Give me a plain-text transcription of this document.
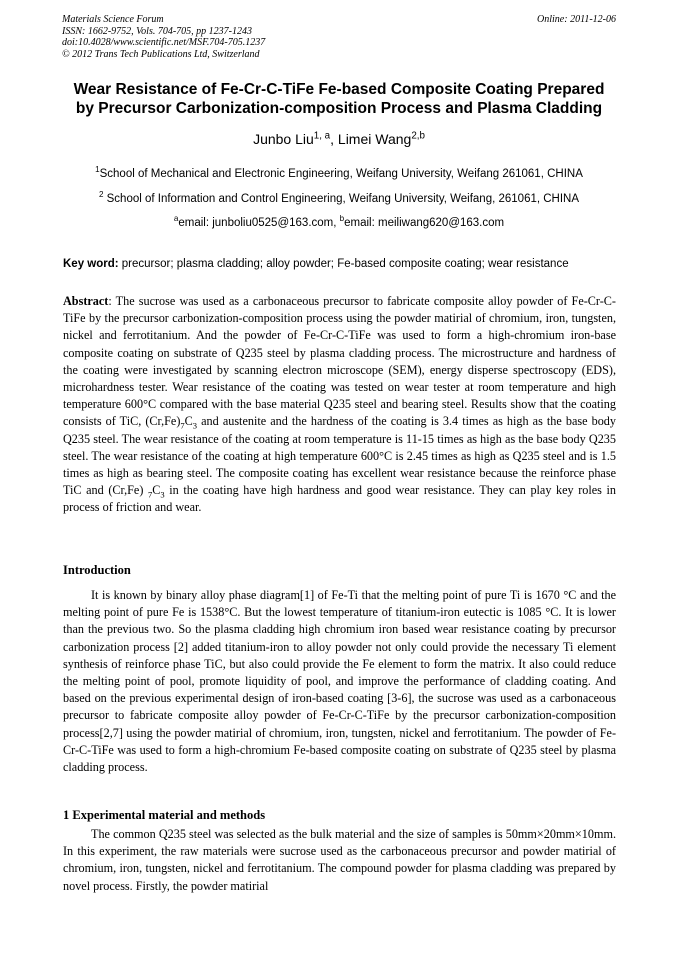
Materials Science Forum
ISSN: 1662-9752, Vols. 704-705, pp 1237-1243
doi:10.4028/www.scientific.net/MSF.704-705.1237
© 2012 Trans Tech Publications Ltd, Switzerland
Online: 2011-12-06
Wear Resistance of Fe-Cr-C-TiFe Fe-based Composite Coating Prepared
by Precursor Carbonization-composition Process and Plasma Cladding
Junbo Liu$^{1, a}$, Limei Wang$^{2,b}$
$^1$School of Mechanical and Electronic Engineering, Weifang University, Weifang 261061, CHINA
$^2$ School of Information and Control Engineering, Weifang University, Weifang, 261061, CHINA
$^a$email: junboliu0525@163.com, $^b$email: meiliwang620@163.com
Key word: precursor; plasma cladding; alloy powder; Fe-based composite coating; wear resistance

Abstract: The sucrose was used as a carbonaceous precursor to fabricate composite alloy powder of Fe-Cr-C-TiFe by the precursor carbonization-composition process using the powder matirial of chromium, iron, tungsten, nickel and ferrotitanium. And the powder of Fe-Cr-C-TiFe was used to form a high-chromium iron-base composite coating on substrate of Q235 steel by plasma cladding process. The microstructure and hardness of the coating were investigated by scanning electron microscope (SEM), energy disperse spectroscopy (EDS), microhardness tester. Wear resistance of the coating was tested on wear tester at room temperature and high temperature 600°C compared with the base material Q235 steel and bearing steel. Results show that the coating consists of TiC, $(Cr,Fe)_7C_3$ and austenite and the hardness of the coating is 3.4 times as high as the base body Q235 steel. The wear resistance of the coating at room temperature is 11-15 times as high as the base body Q235 steel. The wear resistance of the coating at high temperature 600°C is 2.45 times as high as Q235 steel and is 1.5 times as high as bearing steel. The composite coating has excellent wear resistance because the reinforce phase TiC and (Cr,Fe) $_7C_3$ in the coating have high hardness and good wear resistance. They can play key roles in process of friction and wear.

Introduction

It is known by binary alloy phase diagram[1] of Fe-Ti that the melting point of pure Ti is 1670 °C and the melting point of pure Fe is 1538°C. But the lowest temperature of titanium-iron eutectic is 1085 °C. It is lower than the previous two. So the plasma cladding high chromium iron based wear resistance coating by precursor carbonization process [2] added titanium-iron to alloy powder not only could provide the necessary Ti element synthesis of reinforce phase TiC, but also could provide the Fe element to form the matrix. It also could reduce the melting point of pool, promote liquidity of pool, and improve the performance of cladding coating. And based on the previous experimental design of iron-based coating [3-6], the sucrose was used as a carbonaceous precursor to fabricate composite alloy powder of Fe-Cr-C-TiFe by the precursor carbonization-composition process[2,7] using the powder matirial of chromium, iron, tungsten, nickel and ferrotitanium. The powder of Fe-Cr-C-TiFe was used to form a high-chromium Fe-based composite coating on substrate of Q235 steel by plasma cladding process.

1 Experimental material and methods

The common Q235 steel was selected as the bulk material and the size of samples is 50mm×20mm×10mm. In this experiment, the raw materials were sucrose used as the carbonaceous precursor and powder matirial of chromium, iron, tungsten, nickel and ferrotitanium. The compound powder for plasma cladding was prepared by novel process. Firstly, the powder matirial
